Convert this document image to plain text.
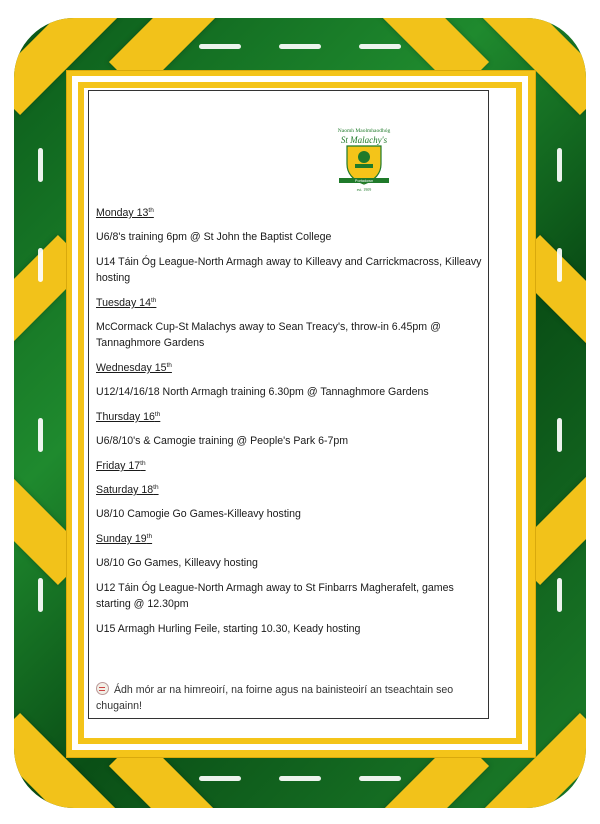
Naomh Maolmhaodhóg
St Malachy's
Portadown
est. 1909
Monday 13th
U6/8's training 6pm @ St John the Baptist College
U14 Táin Óg League-North Armagh away to Killeavy and Carrickmacross, Killeavy hosting
Tuesday 14th
McCormack Cup-St Malachys away to Sean Treacy's, throw-in 6.45pm @ Tannaghmore Gardens
Wednesday 15th
U12/14/16/18 North Armagh training 6.30pm @ Tannaghmore Gardens
Thursday 16th
U6/8/10's & Camogie training @ People's Park 6-7pm
Friday 17th
Saturday 18th
U8/10 Camogie Go Games-Killeavy hosting
Sunday 19th
U8/10 Go Games, Killeavy hosting
U12 Táin Óg League-North Armagh away to St Finbarrs Magherafelt, games starting @ 12.30pm
U15 Armagh Hurling Feile, starting 10.30, Keady hosting
Ádh mór ar na himreoirí, na foirne agus na bainisteoirí an tseachtain seo chugainn!
